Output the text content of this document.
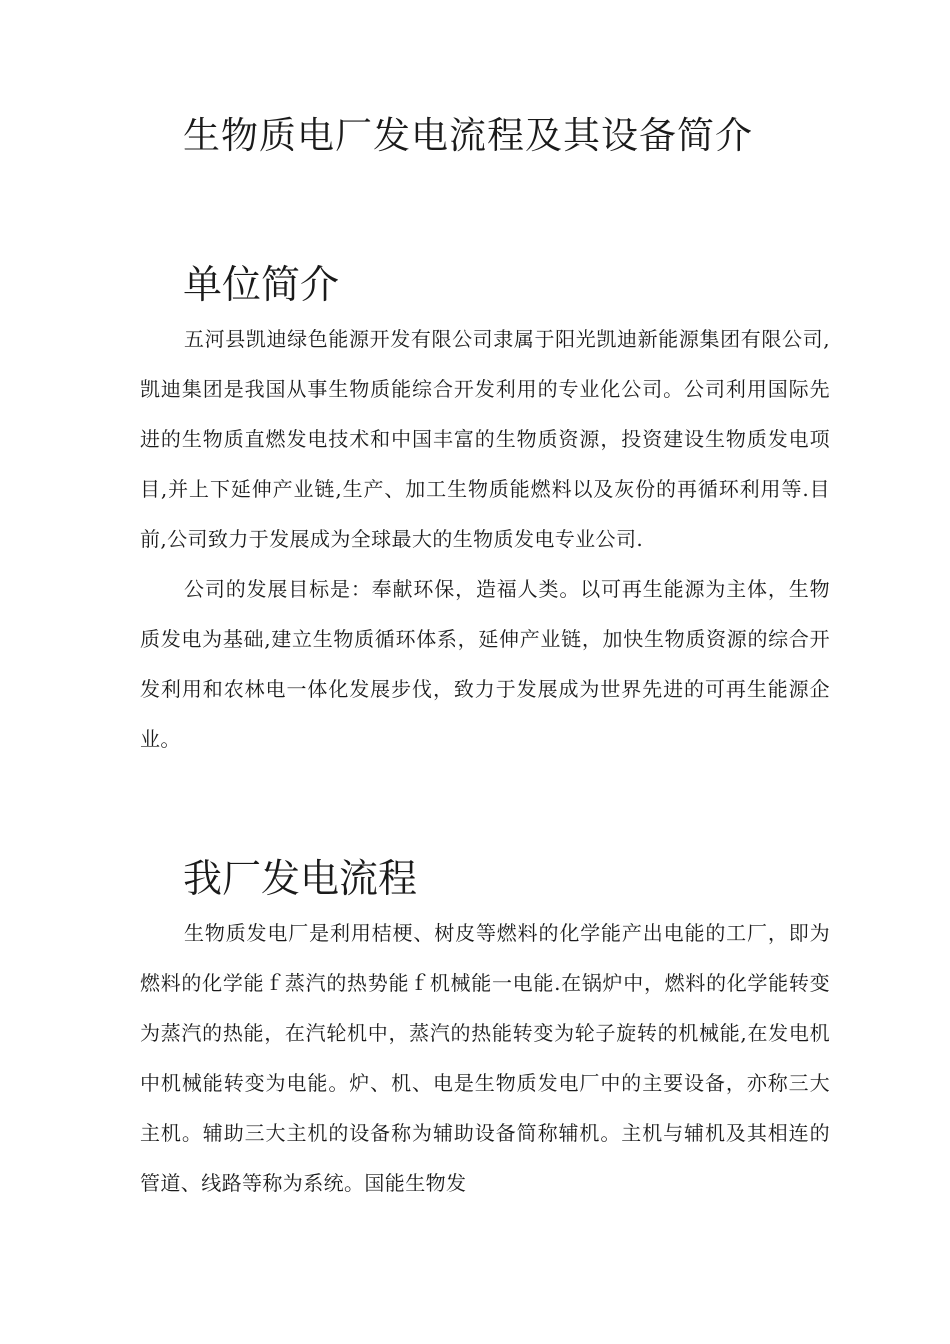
生物质电厂发电流程及其设备简介
单位简介

五河县凯迪绿色能源开发有限公司隶属于阳光凯迪新能源集团有限公司,凯迪集团是我国从事生物质能综合开发利用的专业化公司。公司利用国际先进的生物质直燃发电技术和中国丰富的生物质资源，投资建设生物质发电项目,并上下延伸产业链,生产、加工生物质能燃料以及灰份的再循环利用等.目前,公司致力于发展成为全球最大的生物质发电专业公司.

公司的发展目标是：奉献环保，造福人类。以可再生能源为主体，生物质发电为基础,建立生物质循环体系，延伸产业链，加快生物质资源的综合开发利用和农林电一体化发展步伐，致力于发展成为世界先进的可再生能源企业。

我厂发电流程

生物质发电厂是利用桔梗、树皮等燃料的化学能产出电能的工厂，即为燃料的化学能ｆ蒸汽的热势能ｆ机械能一电能.在锅炉中，燃料的化学能转变为蒸汽的热能，在汽轮机中，蒸汽的热能转变为轮子旋转的机械能,在发电机中机械能转变为电能。炉、机、电是生物质发电厂中的主要设备，亦称三大主机。辅助三大主机的设备称为辅助设备简称辅机。主机与辅机及其相连的管道、线路等称为系统。国能生物发
